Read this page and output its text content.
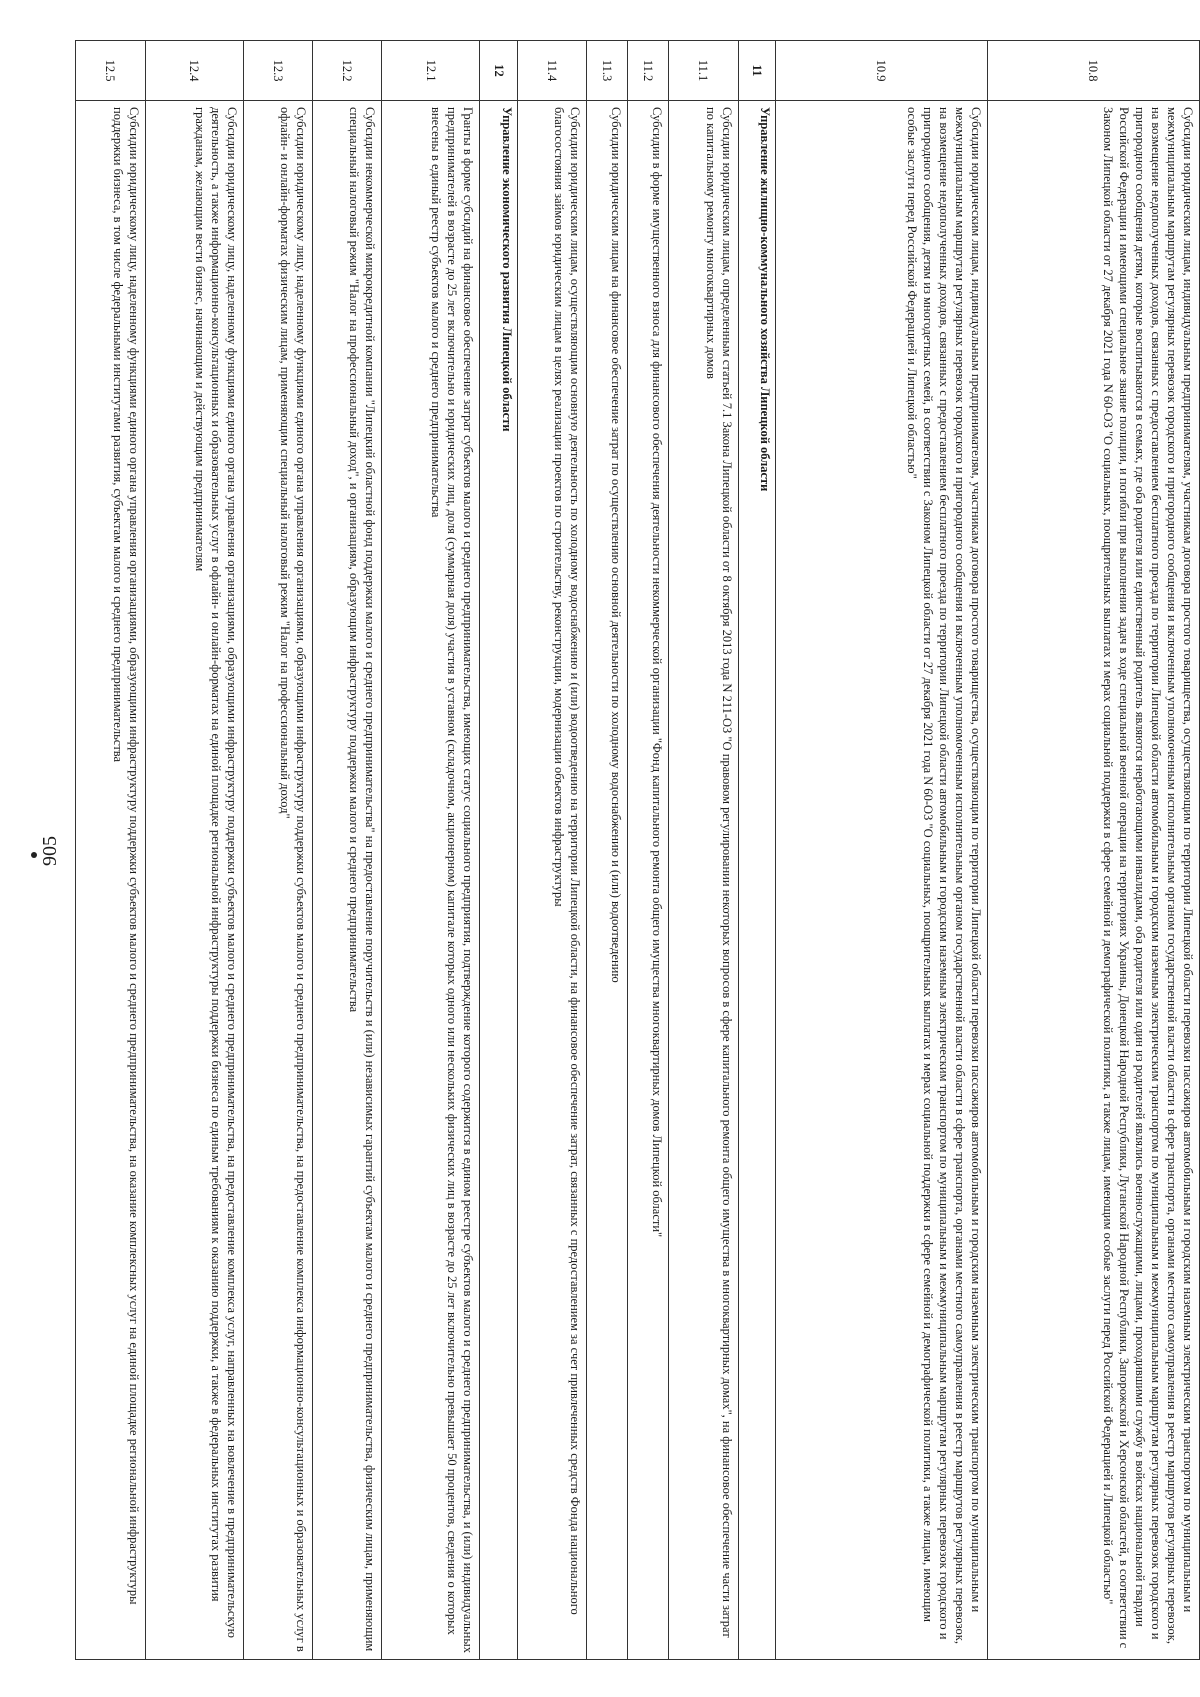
905
10.8	Субсидии юридическим лицам, индивидуальным предпринимателям, участникам договора простого товарищества, осуществляющим по территории Липецкой области перевозки пассажиров автомобильным и городским наземным электрическим транспортом по муниципальным и межмуниципальным маршрутам регулярных перевозок городского и пригородного сообщения и включенным уполномоченным исполнительным органом государственной власти области в сфере транспорта, органами местного самоуправления в реестр маршрутов регулярных перевозок, на возмещение недополученных доходов, связанных с предоставлением бесплатного проезда по территории Липецкой области автомобильным и городским наземным электрическим транспортом по муниципальным и межмуниципальным маршрутам регулярных перевозок городского и пригородного сообщения детям, которые воспитываются в семьях, где оба родителя или единственный родитель являются неработающими инвалидами, оба родителя или один из родителей являлись военнослужащими, лицами, проходившими службу в войсках национальной гвардии Российской Федерации и имеющими специальное звание полиции, и погибли при выполнении задач в ходе специальной военной операции на территориях Украины, Донецкой Народной Республики, Луганской Народной Республики, Запорожской и Херсонской областей, в соответствии с Законом Липецкой области от 27 декабря 2021 года N 60-ОЗ "О социальных, поощрительных выплатах и мерах социальной поддержки в сфере семейной и демографической политики, а также лицам, имеющим особые заслуги перед Российской Федерацией и Липецкой областью"
10.9	Субсидии юридическим лицам, индивидуальным предпринимателям, участникам договора простого товарищества, осуществляющим по территории Липецкой области перевозки пассажиров автомобильным и городским наземным электрическим транспортом по муниципальным и межмуниципальным маршрутам регулярных перевозок городского и пригородного сообщения и включенным уполномоченным исполнительным органом государственной власти области в сфере транспорта, органами местного самоуправления в реестр маршрутов регулярных перевозок, на возмещение недополученных доходов, связанных с предоставлением бесплатного проезда по территории Липецкой области автомобильным и городским наземным электрическим транспортом по муниципальным и межмуниципальным маршрутам регулярных перевозок городского и пригородного сообщения, детям из многодетных семей, в соответствии с Законом Липецкой области от 27 декабря 2021 года N 60-ОЗ "О социальных, поощрительных выплатах и мерах социальной поддержки в сфере семейной и демографической политики, а также лицам, имеющим особые заслуги перед Российской Федерацией и Липецкой областью"
11	Управление жилищно-коммунального хозяйства Липецкой области
11.1	Субсидии юридическим лицам, определенным статьей 7.1 Закона Липецкой области от 8 октября 2013 года N 211-ОЗ "О правовом регулировании некоторых вопросов в сфере капитального ремонта общего имущества в многоквартирных домах", на финансовое обеспечение части затрат по капитальному ремонту многоквартирных домов
11.2	Субсидии в форме имущественного взноса для финансового обеспечения деятельности некоммерческой организации "Фонд капитального ремонта общего имущества многоквартирных домов Липецкой области"
11.3	Субсидии юридическим лицам на финансовое обеспечение затрат по осуществлению основной деятельности по холодному водоснабжению и (или) водоотведению
11.4	Субсидии юридическим лицам, осуществляющим основную деятельность по холодному водоснабжению и (или) водоотведению на территории Липецкой области, на финансовое обеспечение затрат, связанных с предоставлением за счет привлеченных средств Фонда национального благосостояния займов юридическим лицам в целях реализации проектов по строительству, реконструкции, модернизации объектов инфраструктуры
12	Управление экономического развития Липецкой области
12.1	Гранты в форме субсидий на финансовое обеспечение затрат субъектов малого и среднего предпринимательства, имеющих статус социального предприятия, подтверждение которого содержится в едином реестре субъектов малого и среднего предпринимательства, и (или) индивидуальных предпринимателей в возрасте до 25 лет включительно и юридических лиц, доля (суммарная доля) участия в уставном (складочном, акционерном) капитале которых одного или нескольких физических лиц в возрасте до 25 лет включительно превышает 50 процентов, сведения о которых внесены в единый реестр субъектов малого и среднего предпринимательства
12.2	Субсидии некоммерческой микрокредитной компании "Липецкий областной фонд поддержки малого и среднего предпринимательства" на предоставление поручительств и (или) независимых гарантий субъектам малого и среднего предпринимательства, физическим лицам, применяющим специальный налоговый режим "Налог на профессиональный доход", и организациям, образующим инфраструктуру поддержки малого и среднего предпринимательства
12.3	Субсидии юридическому лицу, наделенному функциями единого органа управления организациями, образующими инфраструктуру поддержки субъектов малого и среднего предпринимательства, на предоставление комплекса информационно-консультационных и образовательных услуг в офлайн- и онлайн-форматах физическим лицам, применяющим специальный налоговый режим "Налог на профессиональный доход"
12.4	Субсидии юридическому лицу, наделенному функциями единого органа управления организациями, образующими инфраструктуру поддержки субъектов малого и среднего предпринимательства, на предоставление комплекса услуг, направленных на вовлечение в предпринимательскую деятельность, а также информационно-консультационных и образовательных услуг в офлайн- и онлайн-форматах на единой площадке региональной инфраструктуры поддержки бизнеса по единым требованиям к оказанию поддержки, а также в федеральных институтах развития гражданам, желающим вести бизнес, начинающим и действующим предпринимателям
12.5	Субсидии юридическому лицу, наделенному функциями единого органа управления организациями, образующими инфраструктуру поддержки субъектов малого и среднего предпринимательства, на оказание комплексных услуг на единой площадке региональной инфраструктуры поддержки бизнеса, в том числе федеральными институтами развития, субъектам малого и среднего предпринимательства
